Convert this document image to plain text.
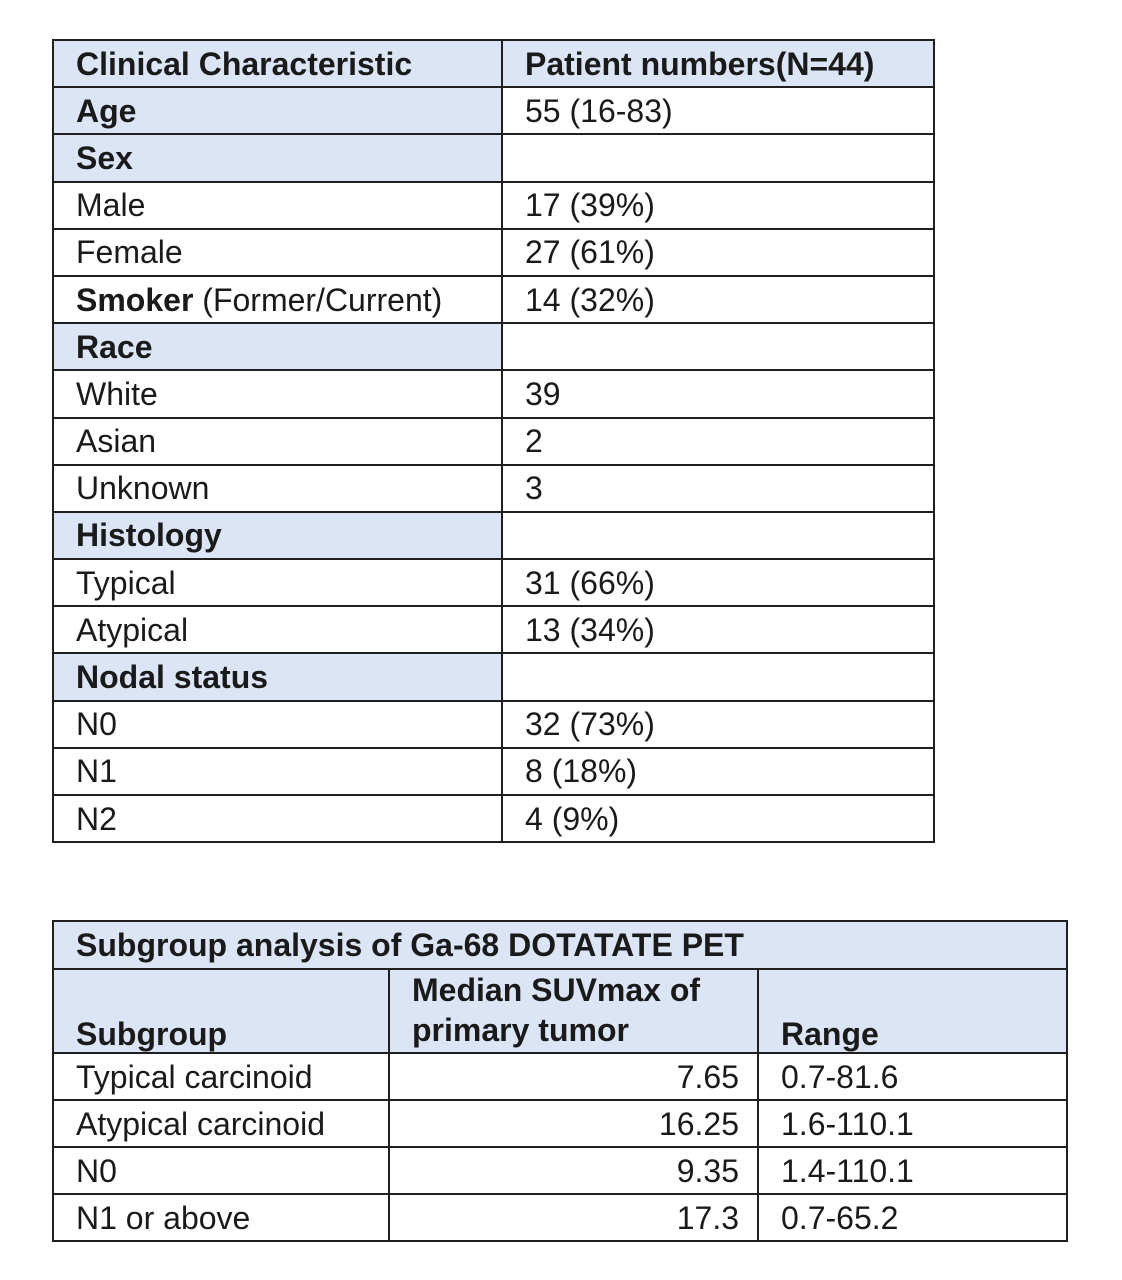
Clinical Characteristic	Patient numbers(N=44)
Age	55 (16-83)
Sex	
Male	17 (39%)
Female	27 (61%)
Smoker (Former/Current)	14 (32%)
Race	
White	39
Asian	2
Unknown	3
Histology	
Typical	31 (66%)
Atypical	13 (34%)
Nodal status	
N0	32 (73%)
N1	8 (18%)
N2	4 (9%)
Subgroup analysis of Ga-68 DOTATATE PET		
Subgroup	Median SUVmax of primary tumor	Range
Typical carcinoid	7.65	0.7-81.6
Atypical carcinoid	16.25	1.6-110.1
N0	9.35	1.4-110.1
N1 or above	17.3	0.7-65.2
